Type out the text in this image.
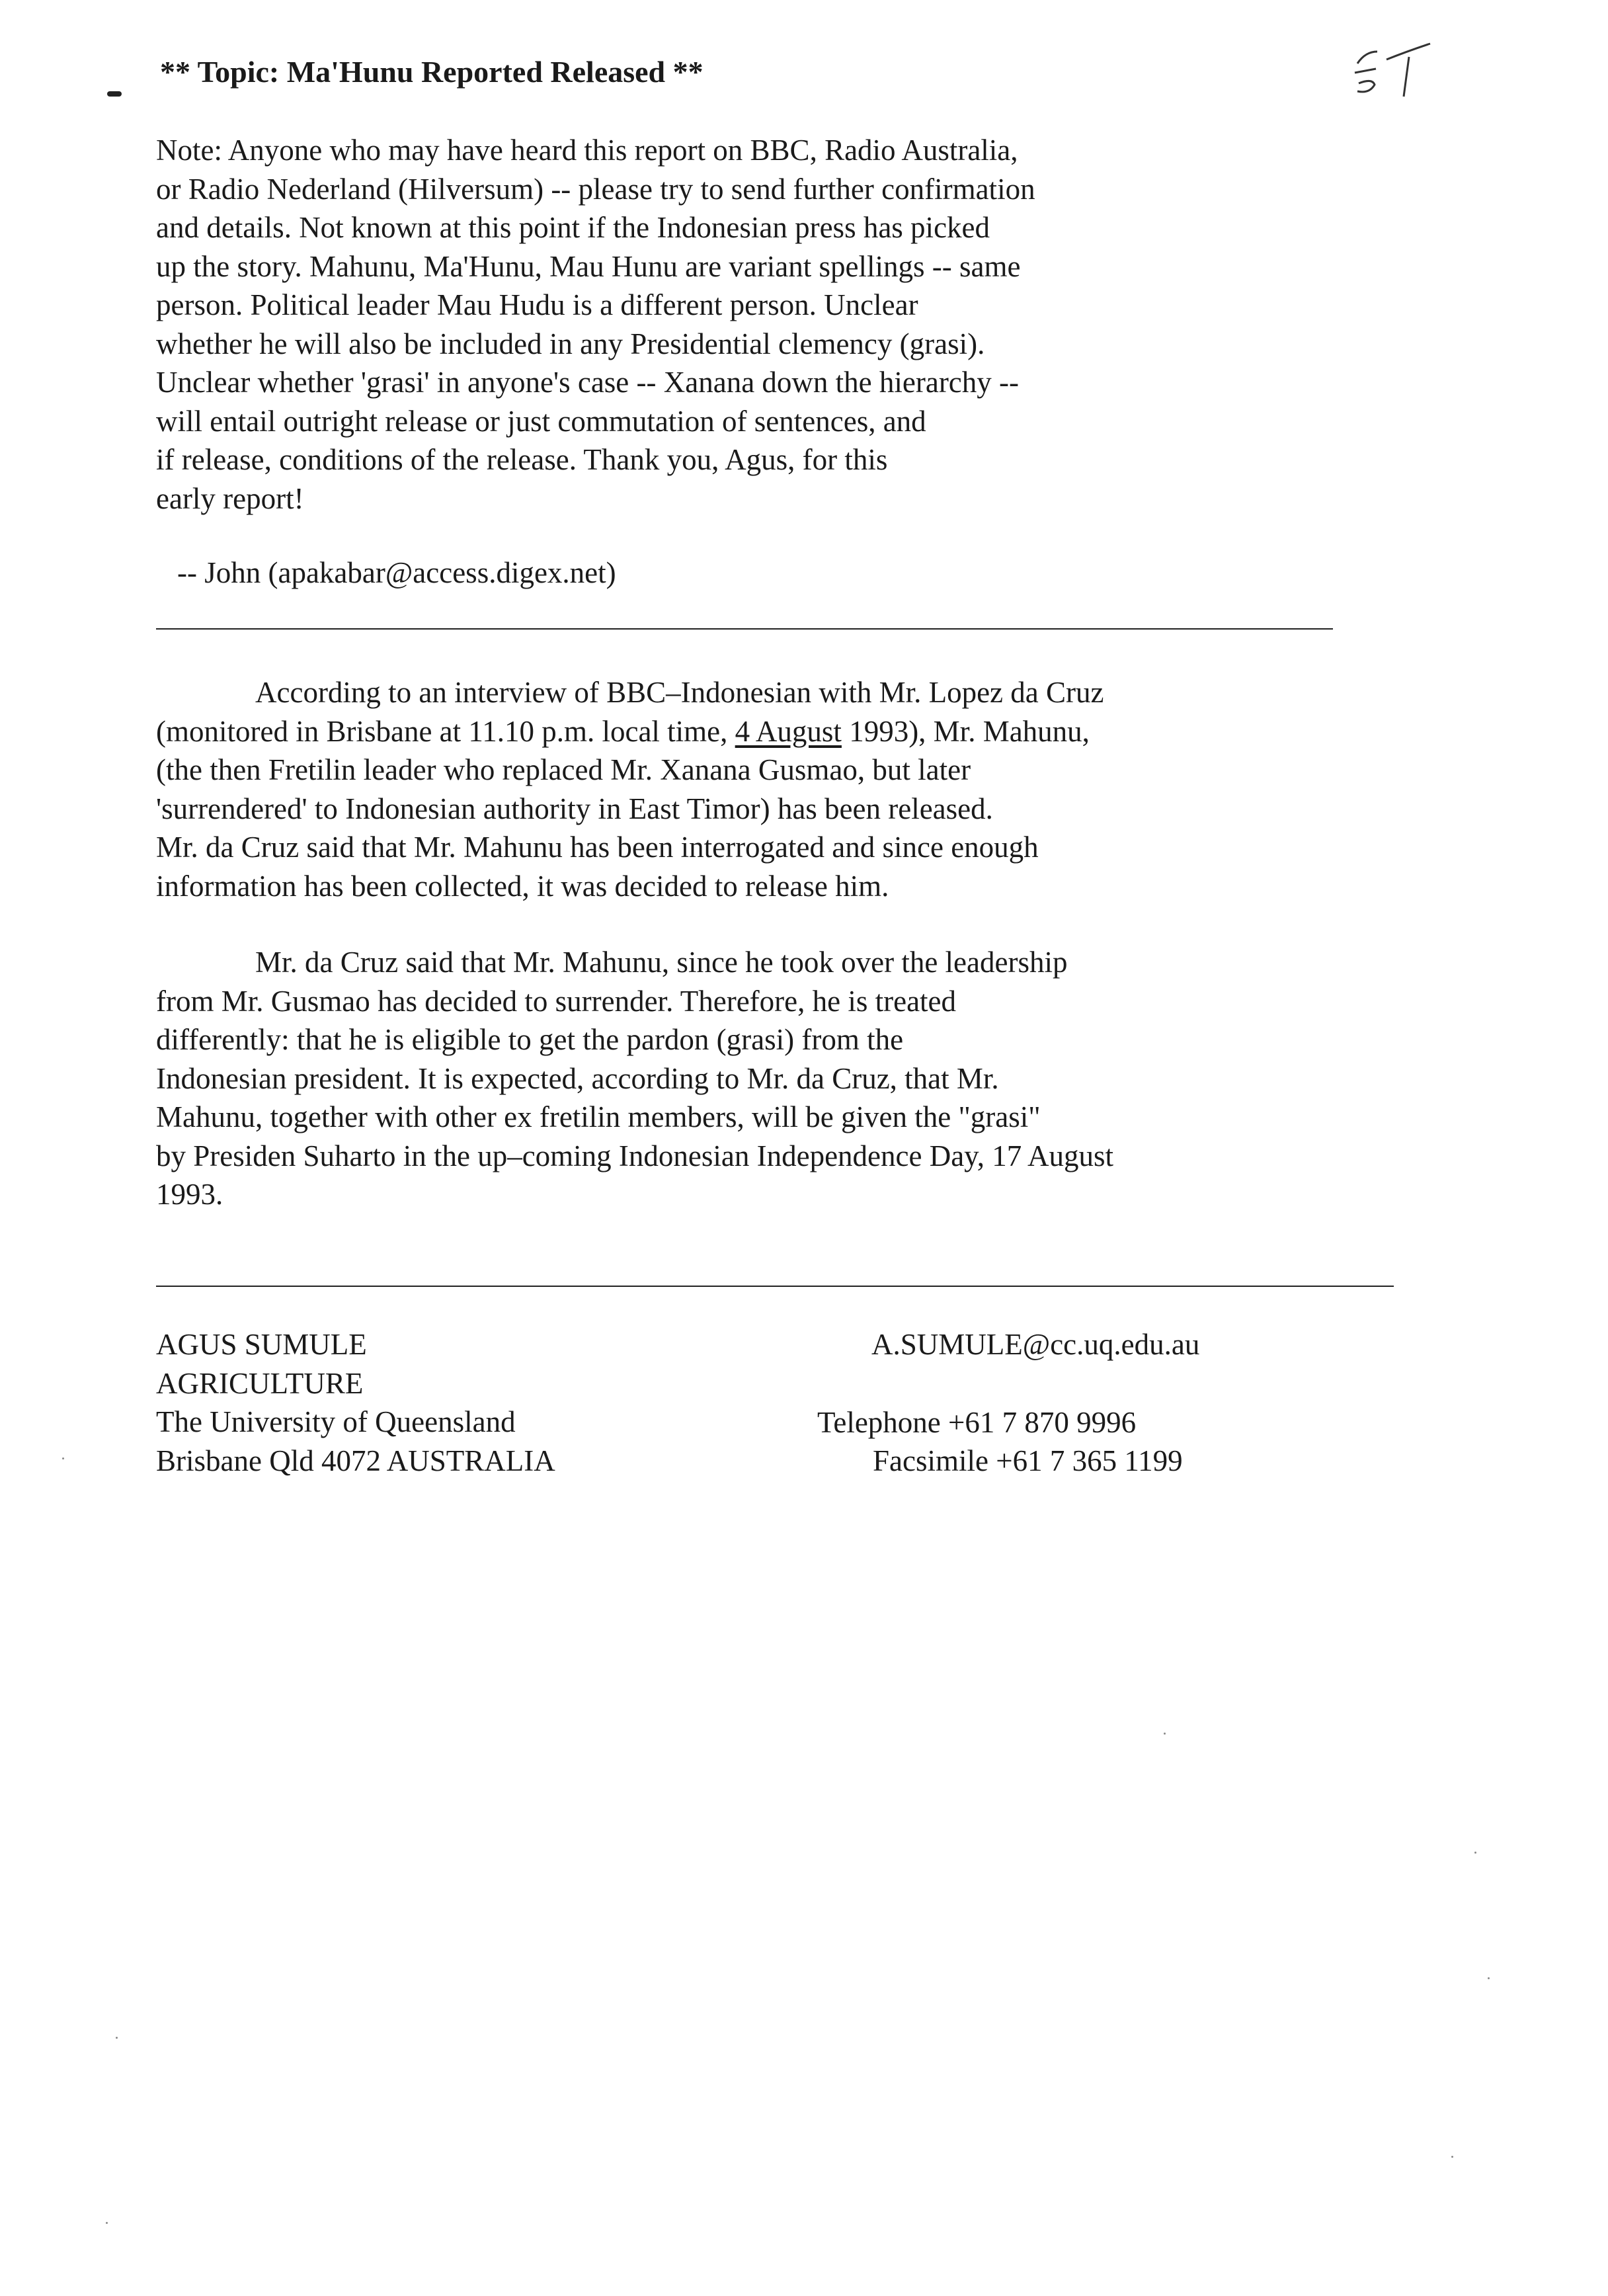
** Topic: Ma'Hunu Reported Released **
Note: Anyone who may have heard this report on BBC, Radio Australia,
or Radio Nederland (Hilversum) -- please try to send further confirmation
and details. Not known at this point if the Indonesian press has picked
up the story. Mahunu, Ma'Hunu, Mau Hunu are variant spellings -- same
person. Political leader Mau Hudu is a different person. Unclear
whether he will also be included in any Presidential clemency (grasi).
Unclear whether 'grasi' in anyone's case -- Xanana down the hierarchy --
will entail outright release or just commutation of sentences, and
if release, conditions of the release. Thank you, Agus, for this
early report!
-- John (apakabar@access.digex.net)
According to an interview of BBC–Indonesian with Mr. Lopez da Cruz
(monitored in Brisbane at 11.10 p.m. local time, 4 August 1993), Mr. Mahunu,
(the then Fretilin leader who replaced Mr. Xanana Gusmao, but later
'surrendered' to Indonesian authority in East Timor) has been released.
Mr. da Cruz said that Mr. Mahunu has been interrogated and since enough
information has been collected, it was decided to release him.
Mr. da Cruz said that Mr. Mahunu, since he took over the leadership
from Mr. Gusmao has decided to surrender. Therefore, he is treated
differently: that he is eligible to get the pardon (grasi) from the
Indonesian president. It is expected, according to Mr. da Cruz, that Mr.
Mahunu, together with other ex fretilin members, will be given the "grasi"
by Presiden Suharto in the up–coming Indonesian Independence Day, 17 August
1993.
AGUS SUMULE
AGRICULTURE
The University of Queensland
Brisbane Qld 4072 AUSTRALIA
A.SUMULE@cc.uq.edu.au
Telephone +61 7 870 9996
Facsimile +61 7 365 1199
